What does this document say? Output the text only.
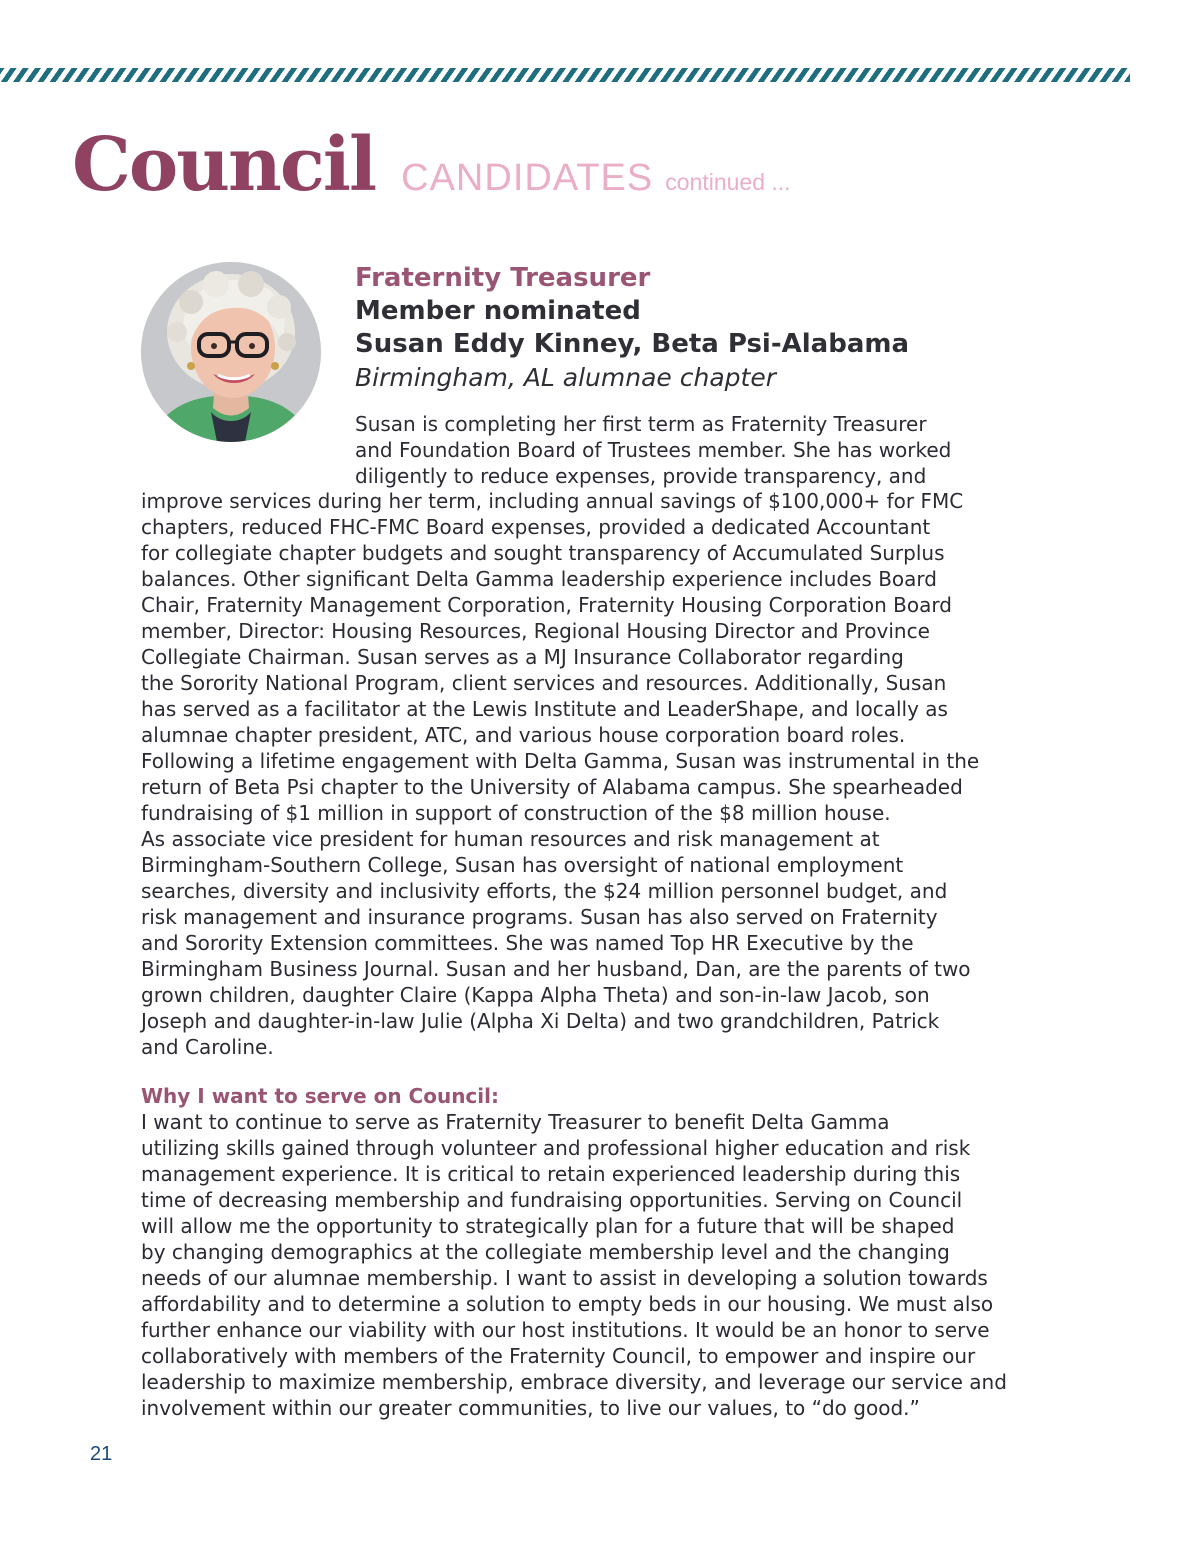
Council CANDIDATES continued ...
Fraternity Treasurer
Member nominated
Susan Eddy Kinney, Beta Psi-Alabama
Birmingham, AL alumnae chapter
Susan is completing her first term as Fraternity Treasurer
and Foundation Board of Trustees member. She has worked
diligently to reduce expenses, provide transparency, and
improve services during her term, including annual savings of $100,000+ for FMC
chapters, reduced FHC-FMC Board expenses, provided a dedicated Accountant
for collegiate chapter budgets and sought transparency of Accumulated Surplus
balances. Other significant Delta Gamma leadership experience includes Board
Chair, Fraternity Management Corporation, Fraternity Housing Corporation Board
member, Director: Housing Resources, Regional Housing Director and Province
Collegiate Chairman. Susan serves as a MJ Insurance Collaborator regarding
the Sorority National Program, client services and resources. Additionally, Susan
has served as a facilitator at the Lewis Institute and LeaderShape, and locally as
alumnae chapter president, ATC, and various house corporation board roles.
Following a lifetime engagement with Delta Gamma, Susan was instrumental in the
return of Beta Psi chapter to the University of Alabama campus. She spearheaded
fundraising of $1 million in support of construction of the $8 million house.
As associate vice president for human resources and risk management at
Birmingham-Southern College, Susan has oversight of national employment
searches, diversity and inclusivity efforts, the $24 million personnel budget, and
risk management and insurance programs. Susan has also served on Fraternity
and Sorority Extension committees. She was named Top HR Executive by the
Birmingham Business Journal. Susan and her husband, Dan, are the parents of two
grown children, daughter Claire (Kappa Alpha Theta) and son-in-law Jacob, son
Joseph and daughter-in-law Julie (Alpha Xi Delta) and two grandchildren, Patrick
and Caroline.
Why I want to serve on Council:
I want to continue to serve as Fraternity Treasurer to benefit Delta Gamma
utilizing skills gained through volunteer and professional higher education and risk
management experience. It is critical to retain experienced leadership during this
time of decreasing membership and fundraising opportunities. Serving on Council
will allow me the opportunity to strategically plan for a future that will be shaped
by changing demographics at the collegiate membership level and the changing
needs of our alumnae membership. I want to assist in developing a solution towards
affordability and to determine a solution to empty beds in our housing. We must also
further enhance our viability with our host institutions. It would be an honor to serve
collaboratively with members of the Fraternity Council, to empower and inspire our
leadership to maximize membership, embrace diversity, and leverage our service and
involvement within our greater communities, to live our values, to “do good.”
21
